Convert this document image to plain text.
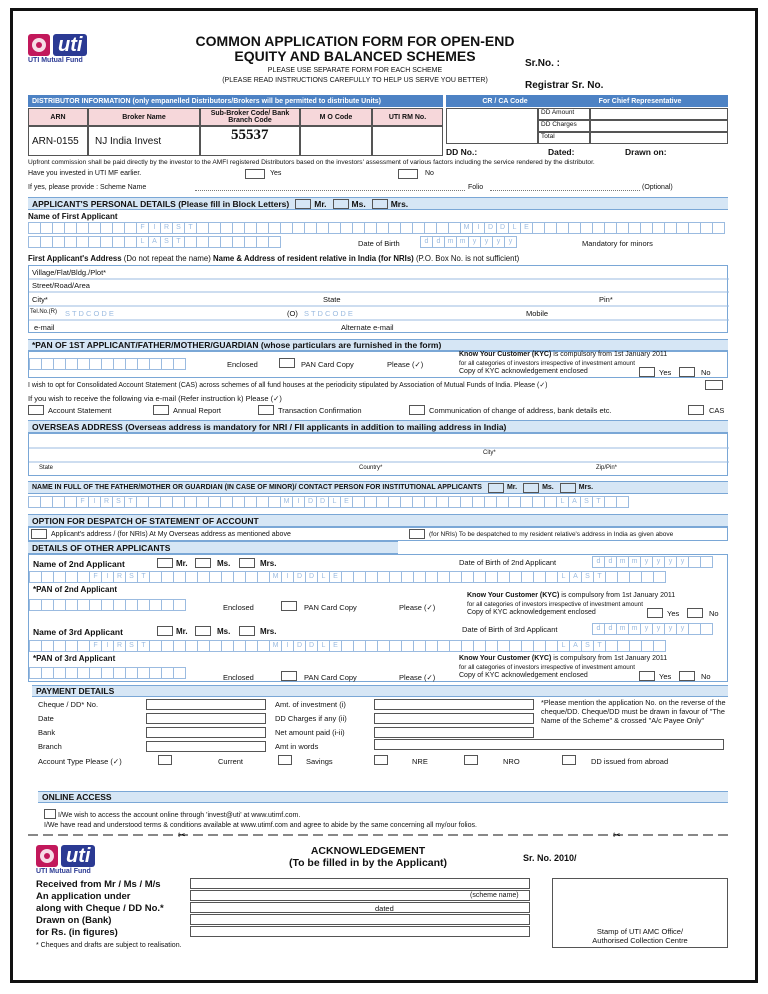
uti
UTI Mutual Fund
COMMON APPLICATION FORM FOR OPEN-END
EQUITY AND BALANCED SCHEMES
PLEASE USE SEPARATE FORM FOR EACH SCHEME
(PLEASE READ INSTRUCTIONS CAREFULLY TO HELP US SERVE YOU BETTER)
Sr.No. :
Registrar Sr. No.
DISTRIBUTOR INFORMATION (only empanelled Distributors/Brokers will be permitted to distribute Units)	CR / CA Code	For Chief Representative
ARN	Broker Name	Sub-Broker Code/ Bank Branch Code	M O Code	UTI RM No.
ARN-0155	NJ India Invest	55537
DD Amount
DD Charges
Total
DD No.:	Dated:	Drawn on:
Upfront commission shall be paid directly by the investor to the AMFI registered Distributors based on the investors' assessment of various factors including the service rendered by the distributor.
Have you invested in UTI MF earlier.	Yes	No
If yes, please provide : Scheme Name	Folio	(Optional)
APPLICANT'S PERSONAL DETAILS (Please fill in Block Letters)	Mr.	Ms.	Mrs.
Name of First Applicant
F	I	R	S	T	M	I	D D	L	E
L	A	S	T	Date of Birth	d	d	m m	y	y	y	y	Mandatory for minors
First Applicant's Address (Do not repeat the name) Name & Address of resident relative in India (for NRIs) (P.O. Box No. is not sufficient)
Village/Flat/Bldg./Plot*
Street/Road/Area
City*	State	Pin*
Tel.No.(R) S T D C O D E	(O) S T D C O D E	Mobile
e-mail	Alternate e-mail
*PAN OF 1ST APPLICANT/FATHER/MOTHER/GUARDIAN (whose particulars are furnished in the form)
Enclosed	PAN Card Copy	Please (✓)
Know Your Customer (KYC) is compulsory from 1st January 2011
for all categories of investors irrespective of investment amount
Copy of KYC acknowledgement enclosed	Yes	No
I wish to opt for Consolidated Account Statement (CAS) across schemes of all fund houses at the periodicity stipulated by Association of Mutual Funds of India. Please (✓)
If you wish to receive the following via e-mail (Refer instruction k) Please (✓)
Account Statement	Annual Report	Transaction Confirmation	Communication of change of address, bank details etc.	CAS
OVERSEAS ADDRESS (Overseas address is mandatory for NRI / FII applicants in addition to mailing address in India)
City*
State	Country*	Zip/Pin*
NAME IN FULL OF THE FATHER/MOTHER OR GUARDIAN (IN CASE OF MINOR)/ CONTACT PERSON FOR INSTITUTIONAL APPLICANTS	Mr.	Ms.	Mrs.
F	I	R	S	T	M	I	D D	L	E	L	A	S	T
OPTION FOR DESPATCH OF STATEMENT OF ACCOUNT
Applicant's address / (for NRIs) At My Overseas address as mentioned above	(for NRIs) To be despatched to my resident relative's address in India as given above
DETAILS OF OTHER APPLICANTS
Name of 2nd Applicant	Mr.	Ms.	Mrs.	Date of Birth of 2nd Applicant	d	d	m m	y	y	y	y
F	I	R	S	T	M	I	D D	L	E	L	A	S	T
*PAN of 2nd Applicant
Enclosed	PAN Card Copy	Please (✓)
Know Your Customer (KYC) is compulsory from 1st January 2011
for all categories of investors irrespective of investment amount
Copy of KYC acknowledgement enclosed	Yes	No
Name of 3rd Applicant	Mr.	Ms.	Mrs.	Date of Birth of 3rd Applicant	d	d	m m	y	y	y	y
F	I	R	S	T	M	I	D D	L	E	L	A	S	T
*PAN of 3rd Applicant
Enclosed	PAN Card Copy	Please (✓)
Know Your Customer (KYC) is compulsory from 1st January 2011
for all categories of investors irrespective of investment amount
Copy of KYC acknowledgement enclosed	Yes	No
PAYMENT DETAILS
Cheque / DD* No.
Date
Bank
Branch
Amt. of investment (i)
DD Charges if any (ii)
Net amount paid (i-ii)
Amt in words
*Please mention the application No. on the reverse of the cheque/DD. Cheque/DD must be drawn in favour of "The Name of the Scheme" & crossed "A/c Payee Only"
Account Type Please (✓)	Current	Savings	NRE	NRO	DD issued from abroad
ONLINE ACCESS
I/We wish to access the account online through 'invest@uti' at www.utimf.com.
I/We have read and understood terms & conditions available at www.utimf.com and agree to abide by the same concerning all my/our folios.
✂	✂
uti
UTI Mutual Fund
ACKNOWLEDGEMENT
(To be filled in by the Applicant)	Sr. No. 2010/
Received from Mr / Ms / M/s
An application under
along with Cheque / DD No.*
Drawn on (Bank)
for Rs. (in figures)
(scheme name)
dated
Stamp of UTI AMC Office/
Authorised Collection Centre
* Cheques and drafts are subject to realisation.
